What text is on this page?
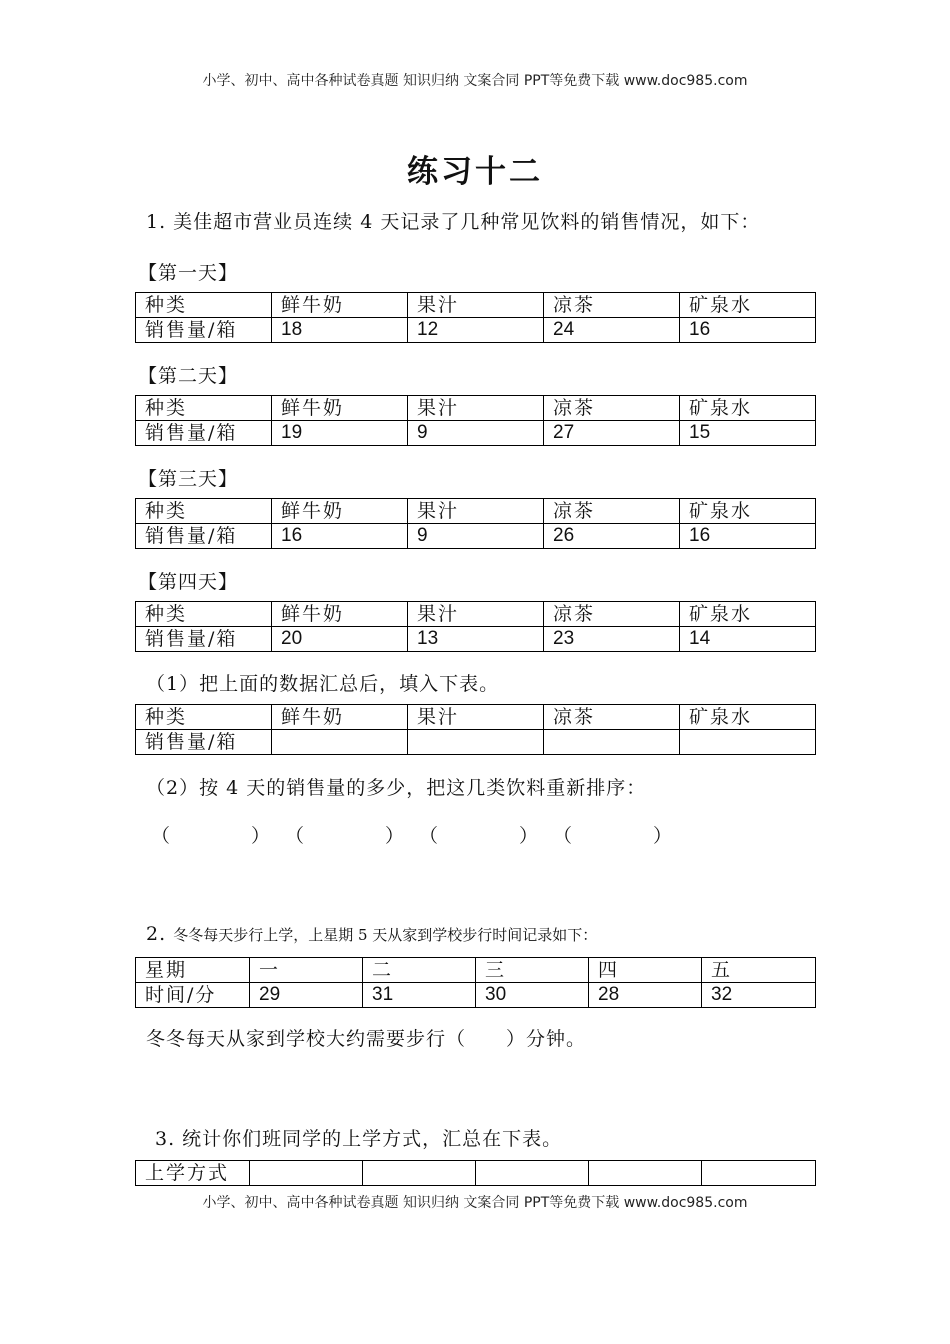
小学、初中、高中各种试卷真题 知识归纳 文案合同 PPT等免费下载 www.doc985.com
练习十二
1. 美佳超市营业员连续 4 天记录了几种常见饮料的销售情况，如下：
【第一天】
种类	鲜牛奶	果汁	凉茶	矿泉水
销售量/箱	18	12	24	16
【第二天】
种类	鲜牛奶	果汁	凉茶	矿泉水
销售量/箱	19	9	27	15
【第三天】
种类	鲜牛奶	果汁	凉茶	矿泉水
销售量/箱	16	9	26	16
【第四天】
种类	鲜牛奶	果汁	凉茶	矿泉水
销售量/箱	20	13	23	14
（1）把上面的数据汇总后，填入下表。
种类	鲜牛奶	果汁	凉茶	矿泉水
销售量/箱				
（2）按 4 天的销售量的多少，把这几类饮料重新排序：
（	） （	） （	） （	）
2. 冬冬每天步行上学，上星期 5 天从家到学校步行时间记录如下：
星期	一	二	三	四	五
时间/分	29	31	30	28	32
冬冬每天从家到学校大约需要步行（　　）分钟。
3. 统计你们班同学的上学方式，汇总在下表。
上学方式					
小学、初中、高中各种试卷真题 知识归纳 文案合同 PPT等免费下载 www.doc985.com
